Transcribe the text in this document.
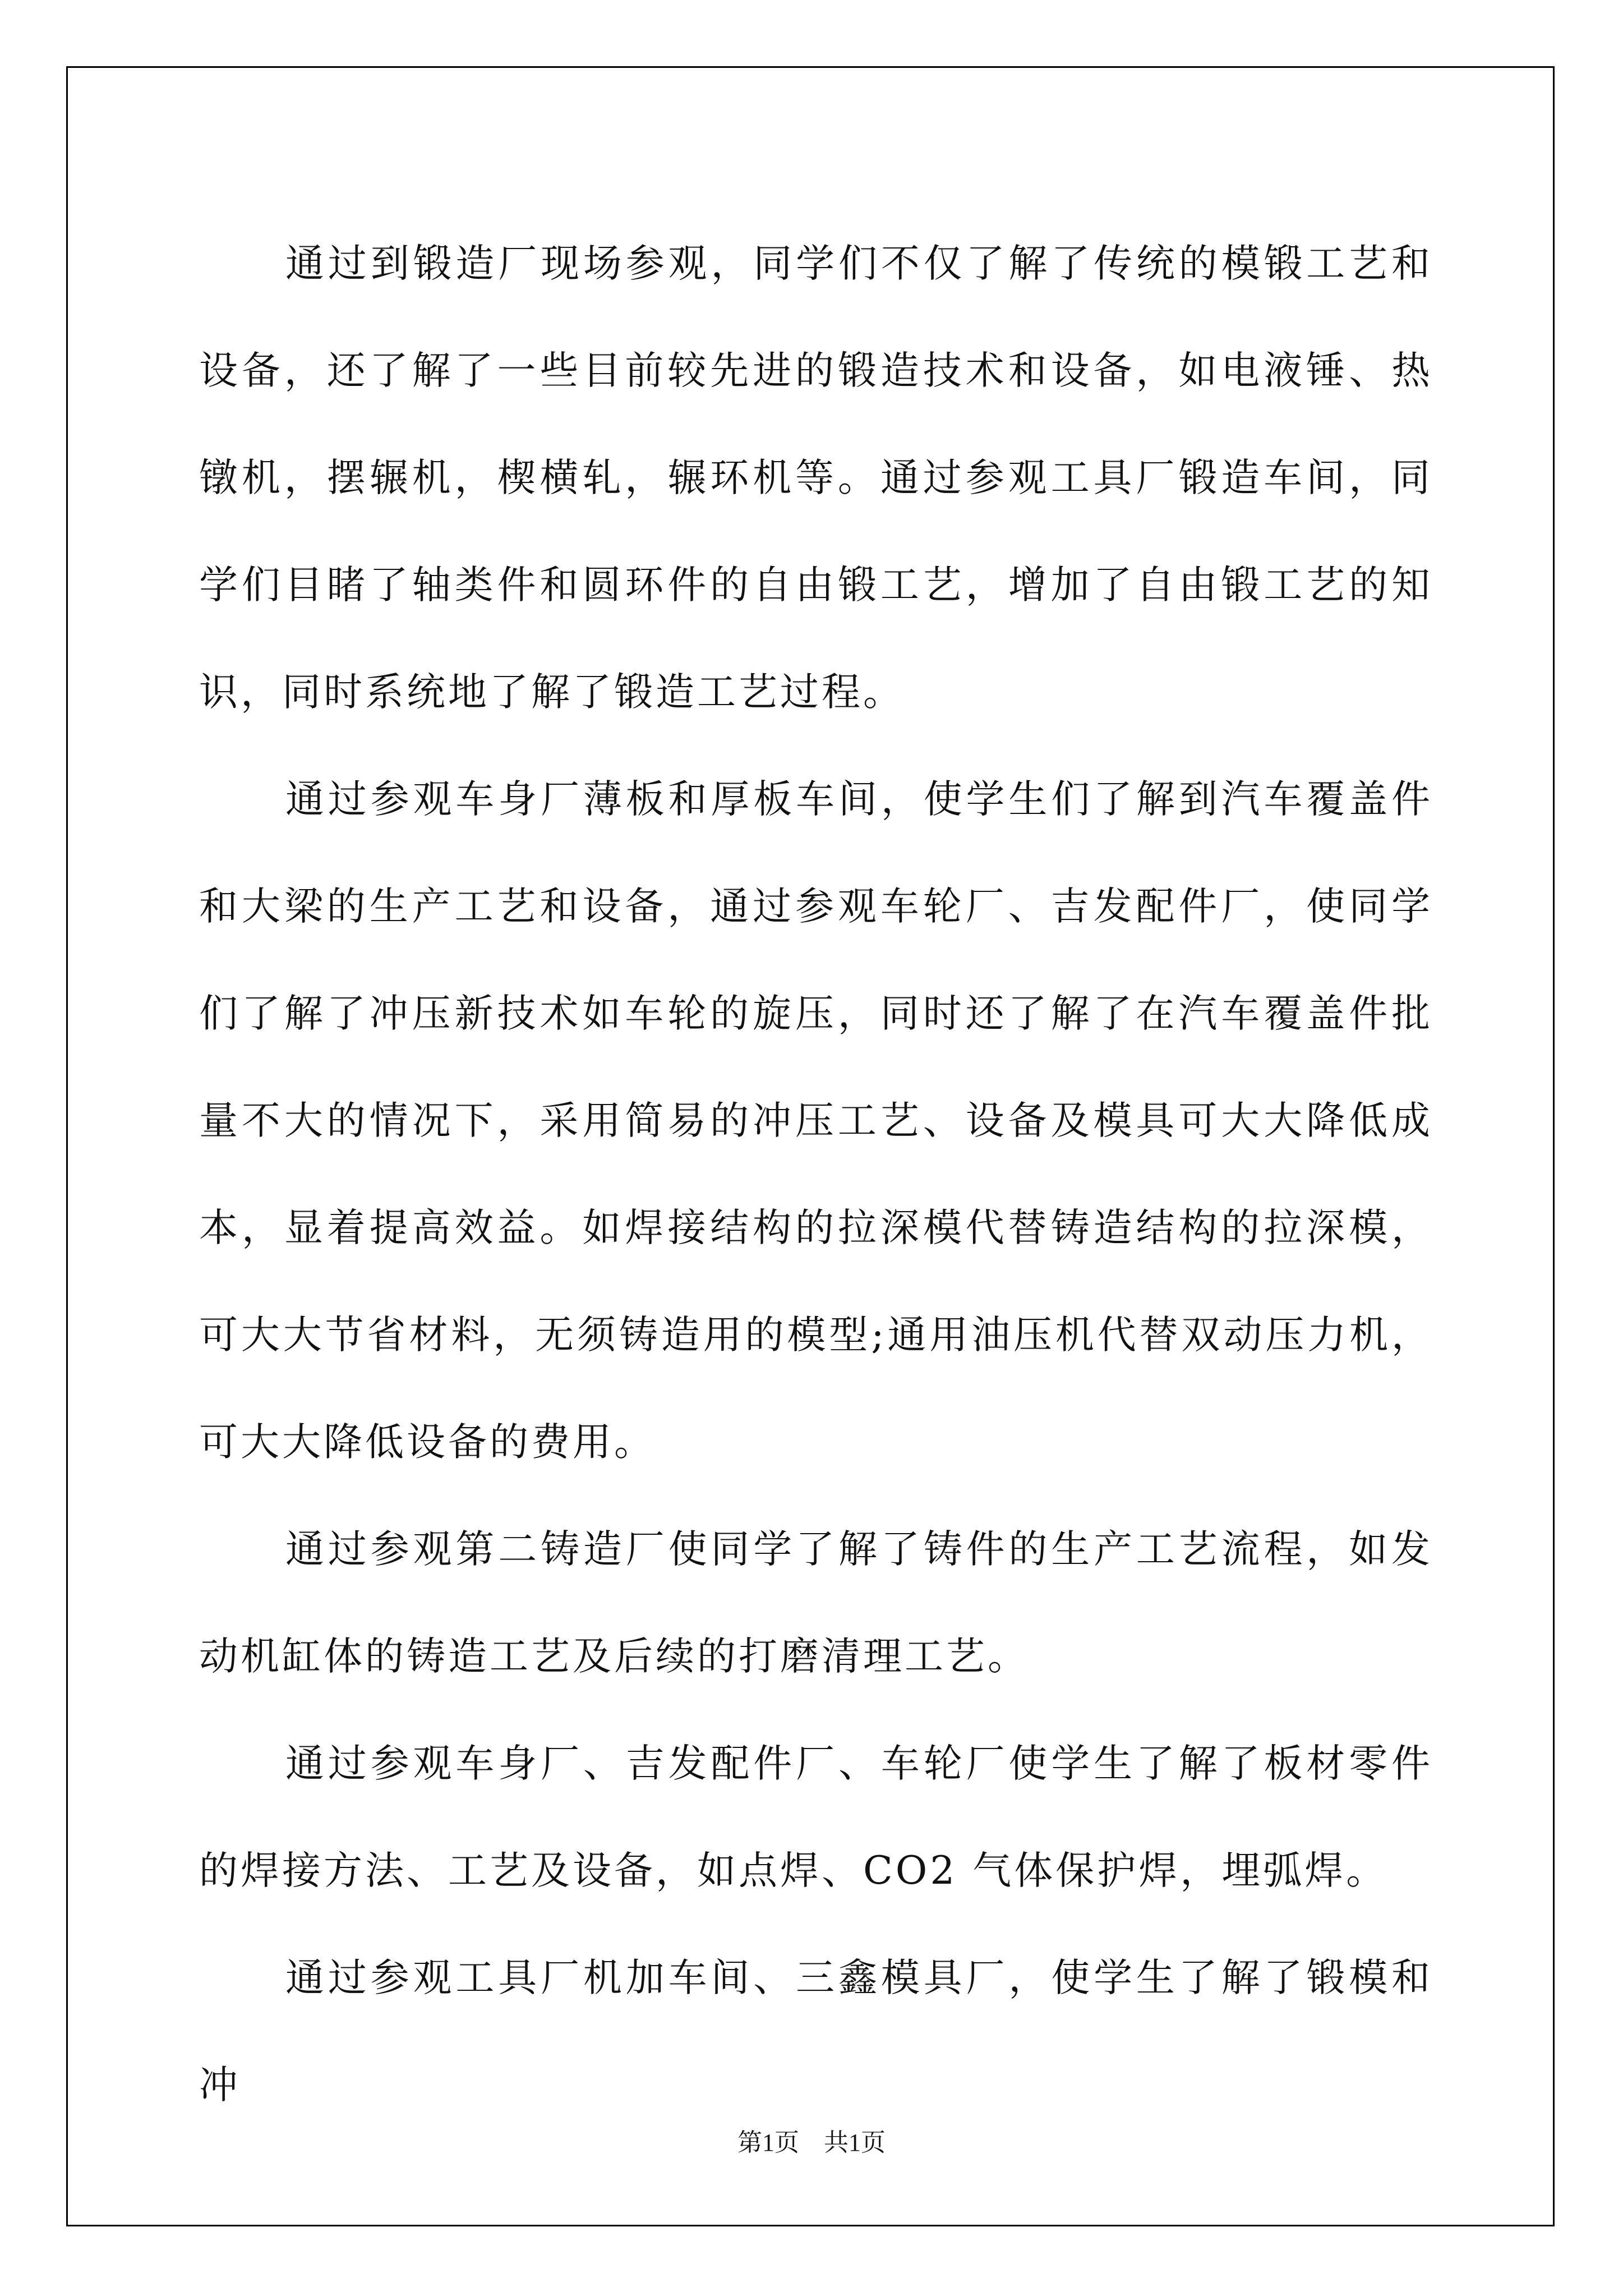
通过到锻造厂现场参观，同学们不仅了解了传统的模锻工艺和设备，还了解了一些目前较先进的锻造技术和设备，如电液锤、热镦机，摆辗机，楔横轧，辗环机等。通过参观工具厂锻造车间，同学们目睹了轴类件和圆环件的自由锻工艺，增加了自由锻工艺的知识，同时系统地了解了锻造工艺过程。

通过参观车身厂薄板和厚板车间，使学生们了解到汽车覆盖件和大梁的生产工艺和设备，通过参观车轮厂、吉发配件厂，使同学们了解了冲压新技术如车轮的旋压，同时还了解了在汽车覆盖件批量不大的情况下，采用简易的冲压工艺、设备及模具可大大降低成本，显着提高效益。如焊接结构的拉深模代替铸造结构的拉深模，可大大节省材料，无须铸造用的模型;通用油压机代替双动压力机，可大大降低设备的费用。

通过参观第二铸造厂使同学了解了铸件的生产工艺流程，如发动机缸体的铸造工艺及后续的打磨清理工艺。

通过参观车身厂、吉发配件厂、车轮厂使学生了解了板材零件的焊接方法、工艺及设备，如点焊、CO2 气体保护焊，埋弧焊。

通过参观工具厂机加车间、三鑫模具厂，使学生了解了锻模和冲

第1页　共1页
